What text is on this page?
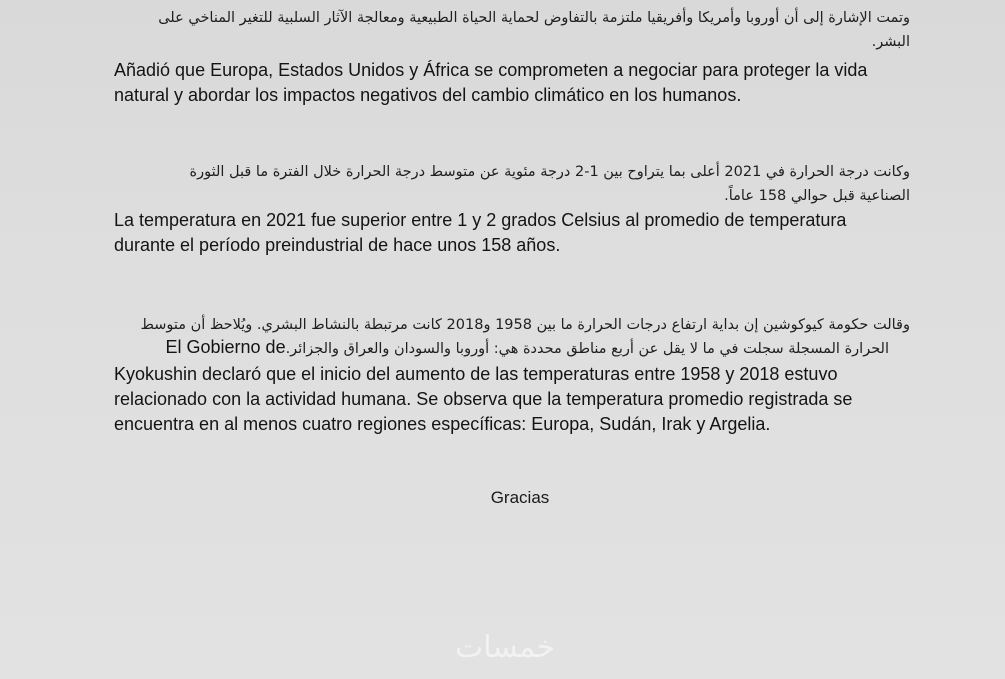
وتمت الإشارة إلى أن أوروبا وأمريكا وأفريقيا ملتزمة بالتفاوض لحماية الحياة الطبيعية ومعالجة الآثار السلبية للتغير المناخي على
البشر.
Añadió que Europa, Estados Unidos y África se comprometen a negociar para proteger la vida
natural y abordar los impactos negativos del cambio climático en los humanos.
وكانت درجة الحرارة في 2021 أعلى بما يتراوح بين 1-2 درجة مئوية عن متوسط درجة الحرارة خلال الفترة ما قبل الثورة
الصناعية قبل حوالي 158 عاماً.
La temperatura en 2021 fue superior entre 1 y 2 grados Celsius al promedio de temperatura
durante el período preindustrial de hace unos 158 años.
وقالت حكومة كيوكوشين إن بداية ارتفاع درجات الحرارة ما بين 1958 و2018 كانت مرتبطة بالنشاط البشري. ويُلاحظ أن متوسط
El Gobierno deالحرارة المسجلة سجلت في ما لا يقل عن أربع مناطق محددة هي: أوروبا والسودان والعراق والجزائر.
Kyokushin declaró que el inicio del aumento de las temperaturas entre 1958 y 2018 estuvo
relacionado con la actividad humana. Se observa que la temperatura promedio registrada se
encuentra en al menos cuatro regiones específicas: Europa, Sudán, Irak y Argelia.
Gracias
خمسات
